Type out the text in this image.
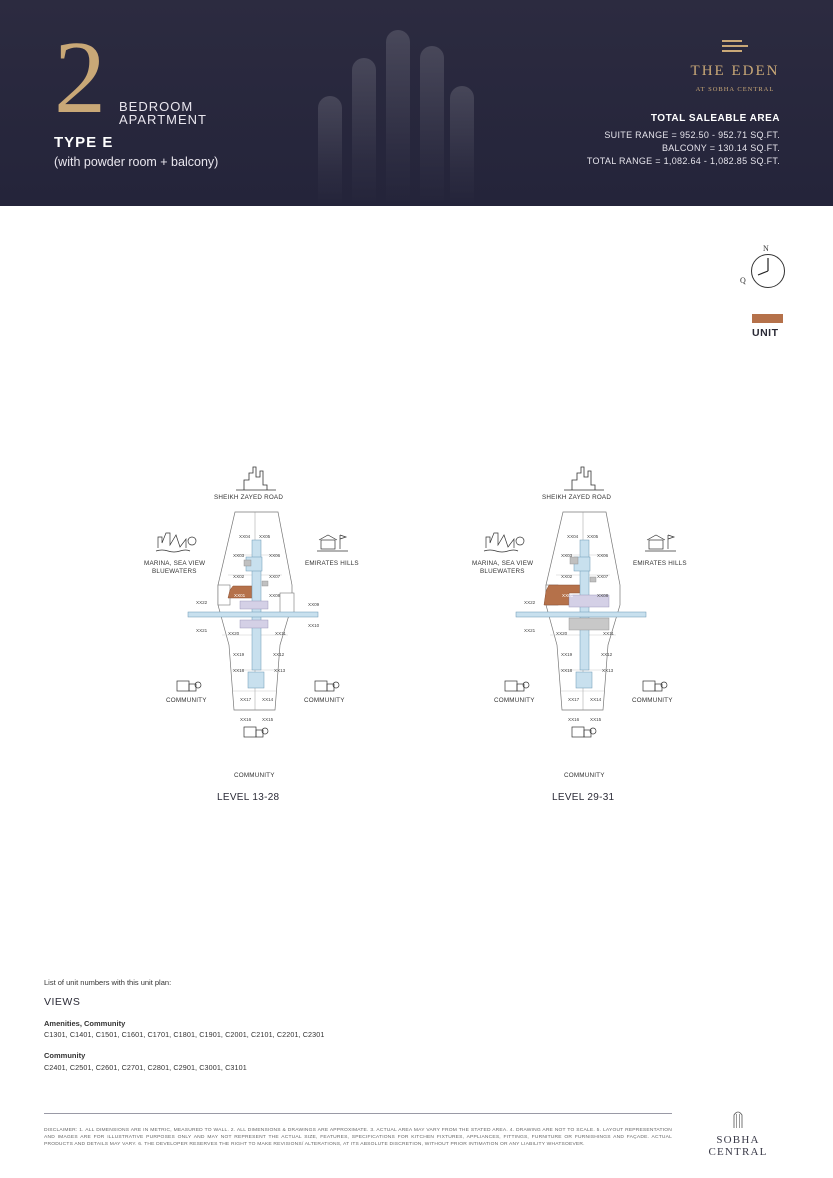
2 BEDROOM
APARTMENT
TYPE E
(with powder room + balcony)
THE EDEN
AT SOBHA CENTRAL
TOTAL SALEABLE AREA
SUITE RANGE = 952.50 - 952.71 SQ.FT.
BALCONY = 130.14 SQ.FT.
TOTAL RANGE = 1,082.64 - 1,082.85 SQ.FT.
N
Q
UNIT
SHEIKH ZAYED ROAD
MARINA, SEA VIEW
BLUEWATERS
EMIRATES HILLS
COMMUNITY	COMMUNITY
COMMUNITY
LEVEL 13-28
XX04 XX05
XX03	XX06
XX02	XX07
XX01	XX08
XX22	XX09
XX10
XX21
XX20	XX11
XX19	XX12
XX18	XX13
XX17 XX14
XX16 XX15
SHEIKH ZAYED ROAD
MARINA, SEA VIEW
BLUEWATERS
EMIRATES HILLS
COMMUNITY	COMMUNITY
COMMUNITY
LEVEL 29-31
XX04 XX05
XX03	XX06
XX02	XX07
XX01	XX08
XX22
XX21
XX20	XX11
XX19	XX12
XX18	XX13
XX17 XX14
XX16 XX15
List of unit numbers with this unit plan:
VIEWS
Amenities, Community
C1301, C1401, C1501, C1601, C1701, C1801, C1901, C2001, C2101, C2201, C2301
Community
C2401, C2501, C2601, C2701, C2801, C2901, C3001, C3101
DISCLAIMER: 1. ALL DIMENSIONS ARE IN METRIC, MEASURED TO WALL. 2. ALL DIMENSIONS & DRAWINGS ARE APPROXIMATE. 3. ACTUAL AREA MAY VARY FROM THE STATED AREA. 4. DRAWING ARE NOT TO SCALE. 5. LAYOUT REPRESENTATION AND IMAGES ARE FOR ILLUSTRATIVE PURPOSES ONLY AND MAY NOT REPRESENT THE ACTUAL SIZE, FEATURES, SPECIFICATIONS FOR KITCHEN FIXTURES, APPLIANCES, FITTINGS, FURNITURE OR FURNISHINGS AND FAÇADE. ACTUAL PRODUCTS AND DETAILS MAY VARY. 6. THE DEVELOPER RESERVES THE RIGHT TO MAKE REVISIONS/ ALTERATIONS, AT ITS ABSOLUTE DISCRETION, WITHOUT PRIOR INTIMATION OR ANY LIABILITY WHATSOEVER.	SOBHA CENTRAL
